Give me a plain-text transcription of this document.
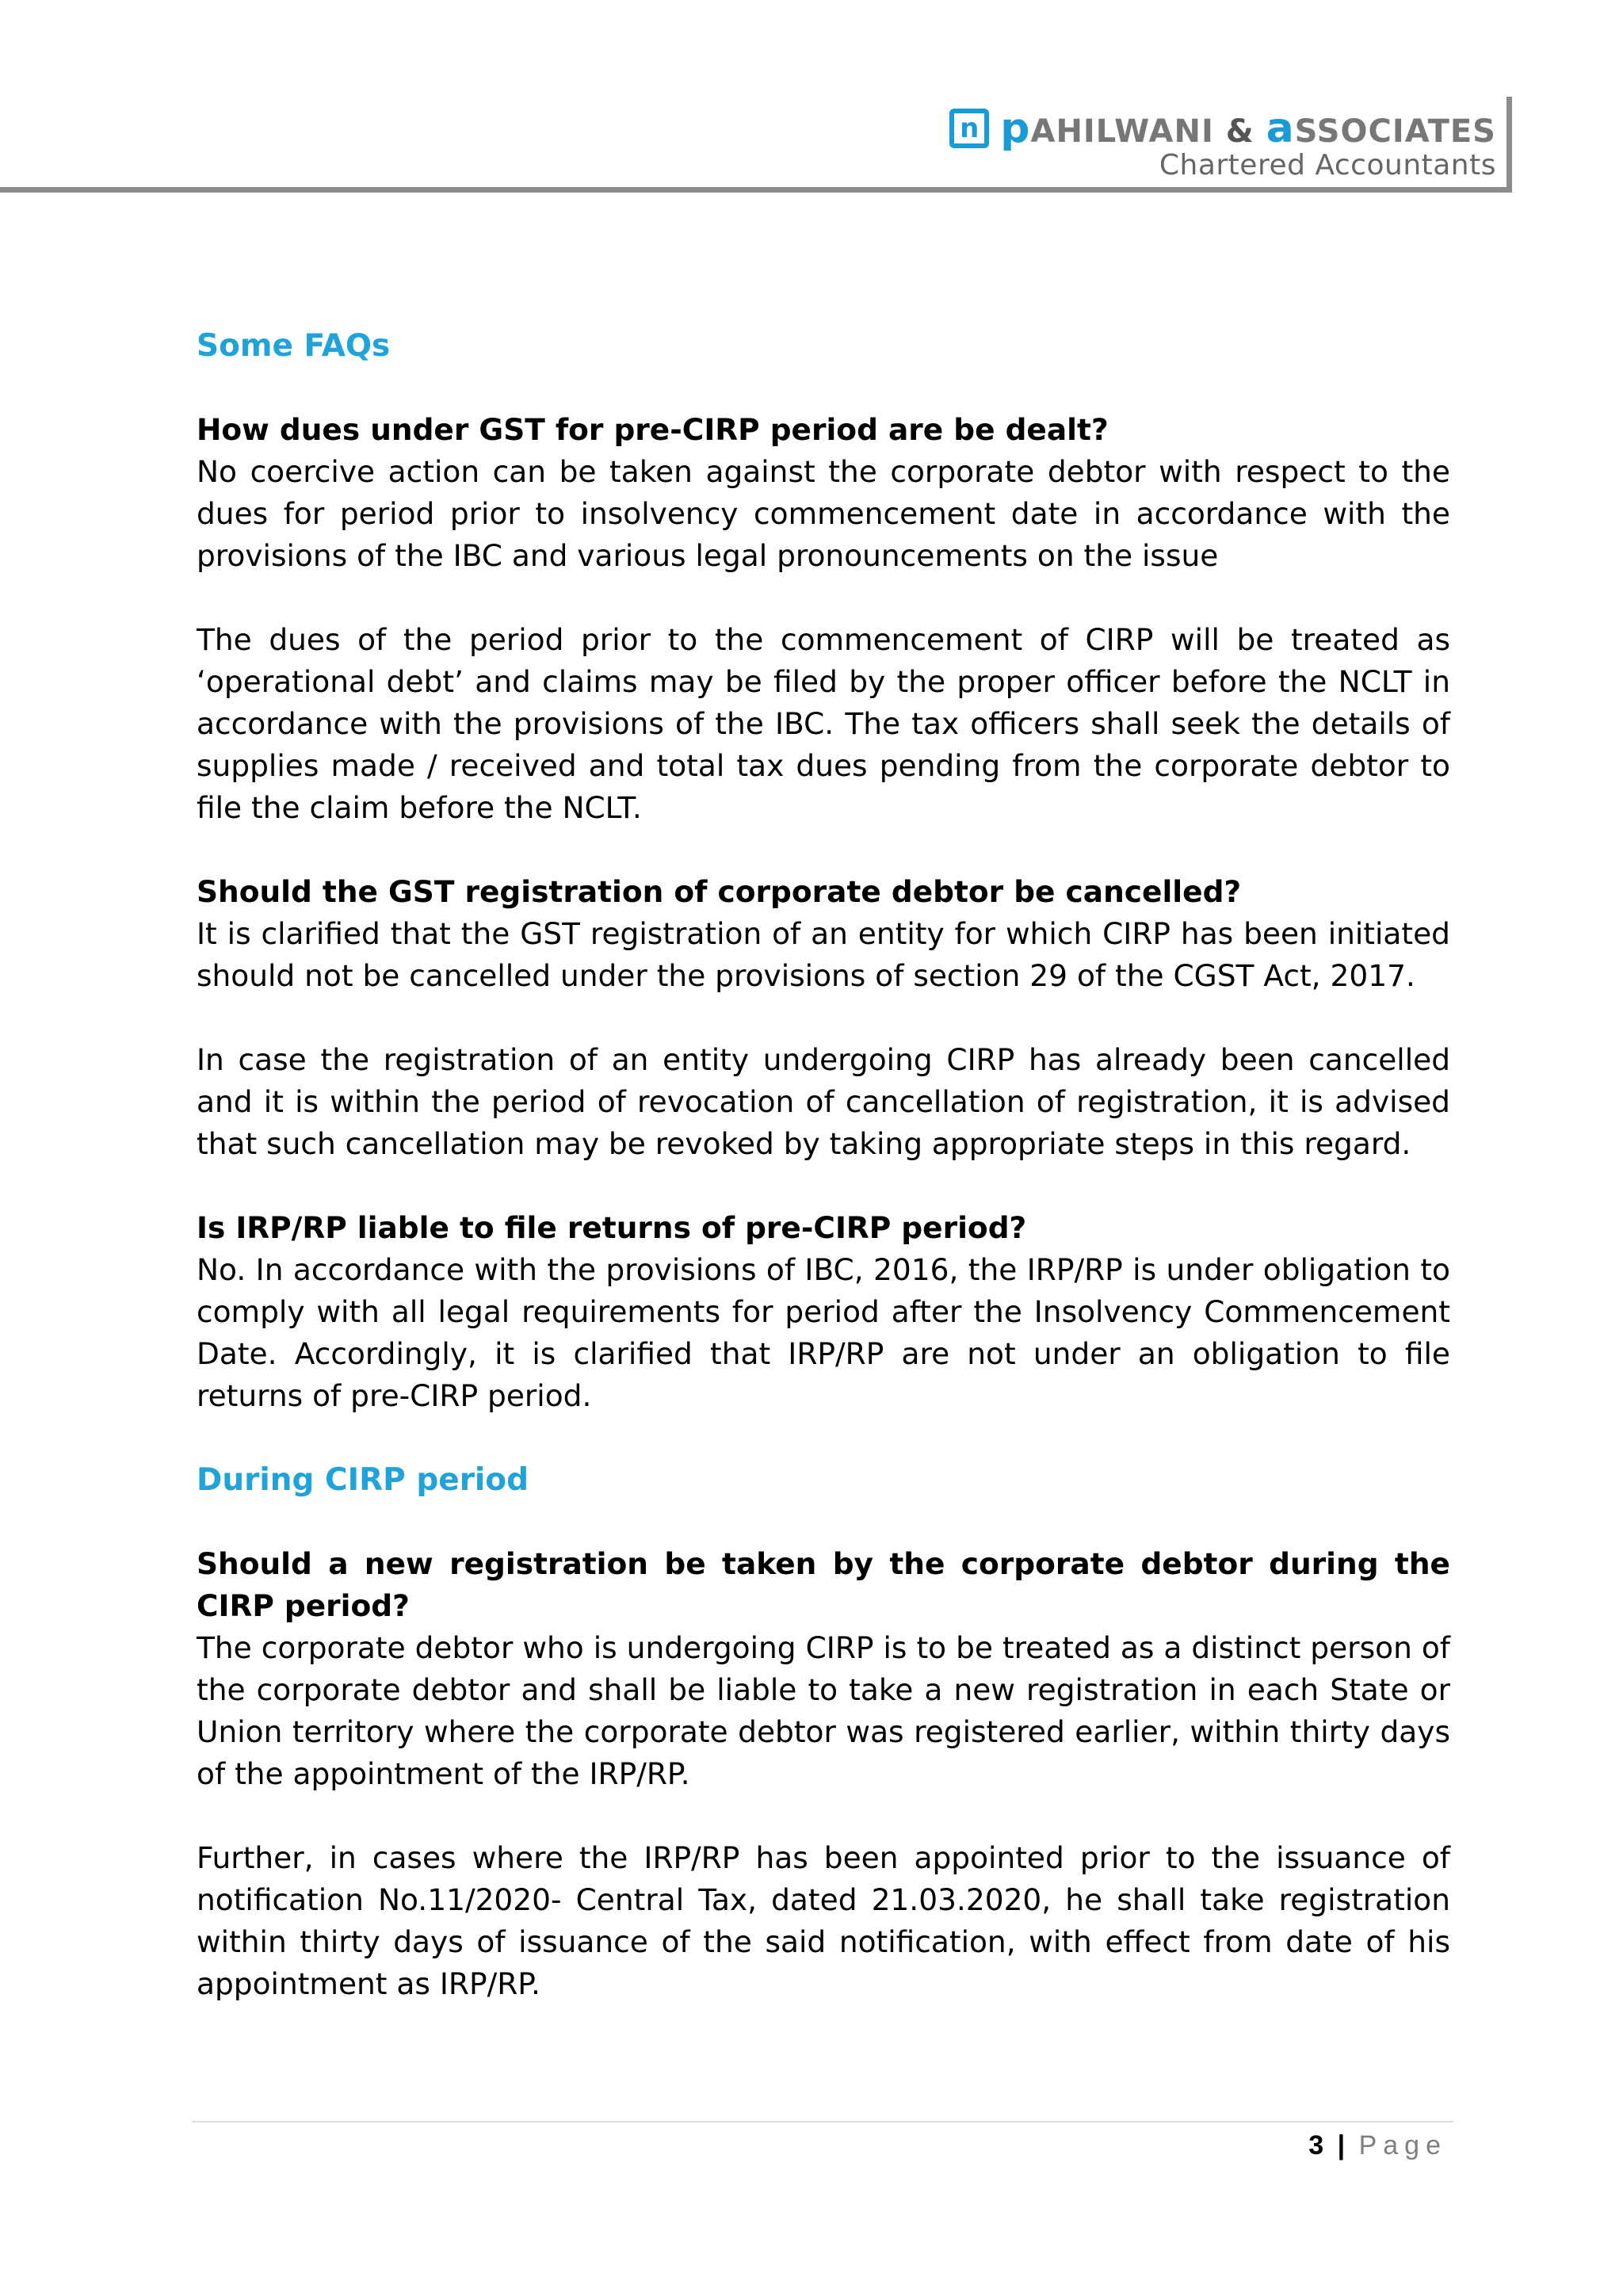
n pAHILWANI & aSSOCIATES
Chartered Accountants
Some FAQs

How dues under GST for pre-CIRP period are be dealt?

No coercive action can be taken against the corporate debtor with respect to the dues for period prior to insolvency commencement date in accordance with the provisions of the IBC and various legal pronouncements on the issue

The dues of the period prior to the commencement of CIRP will be treated as ‘operational debt’ and claims may be filed by the proper officer before the NCLT in accordance with the provisions of the IBC. The tax officers shall seek the details of supplies made / received and total tax dues pending from the corporate debtor to file the claim before the NCLT.

Should the GST registration of corporate debtor be cancelled?

It is clarified that the GST registration of an entity for which CIRP has been initiated should not be cancelled under the provisions of section 29 of the CGST Act, 2017.

In case the registration of an entity undergoing CIRP has already been cancelled and it is within the period of revocation of cancellation of registration, it is advised that such cancellation may be revoked by taking appropriate steps in this regard.

Is IRP/RP liable to file returns of pre-CIRP period?

No. In accordance with the provisions of IBC, 2016, the IRP/RP is under obligation to comply with all legal requirements for period after the Insolvency Commencement Date. Accordingly, it is clarified that IRP/RP are not under an obligation to file returns of pre-CIRP period.

During CIRP period

Should a new registration be taken by the corporate debtor during the CIRP period?

The corporate debtor who is undergoing CIRP is to be treated as a distinct person of the corporate debtor and shall be liable to take a new registration in each State or Union territory where the corporate debtor was registered earlier, within thirty days of the appointment of the IRP/RP.

Further, in cases where the IRP/RP has been appointed prior to the issuance of notification No.11/2020- Central Tax, dated 21.03.2020, he shall take registration within thirty days of issuance of the said notification, with effect from date of his appointment as IRP/RP.

3 | Page
